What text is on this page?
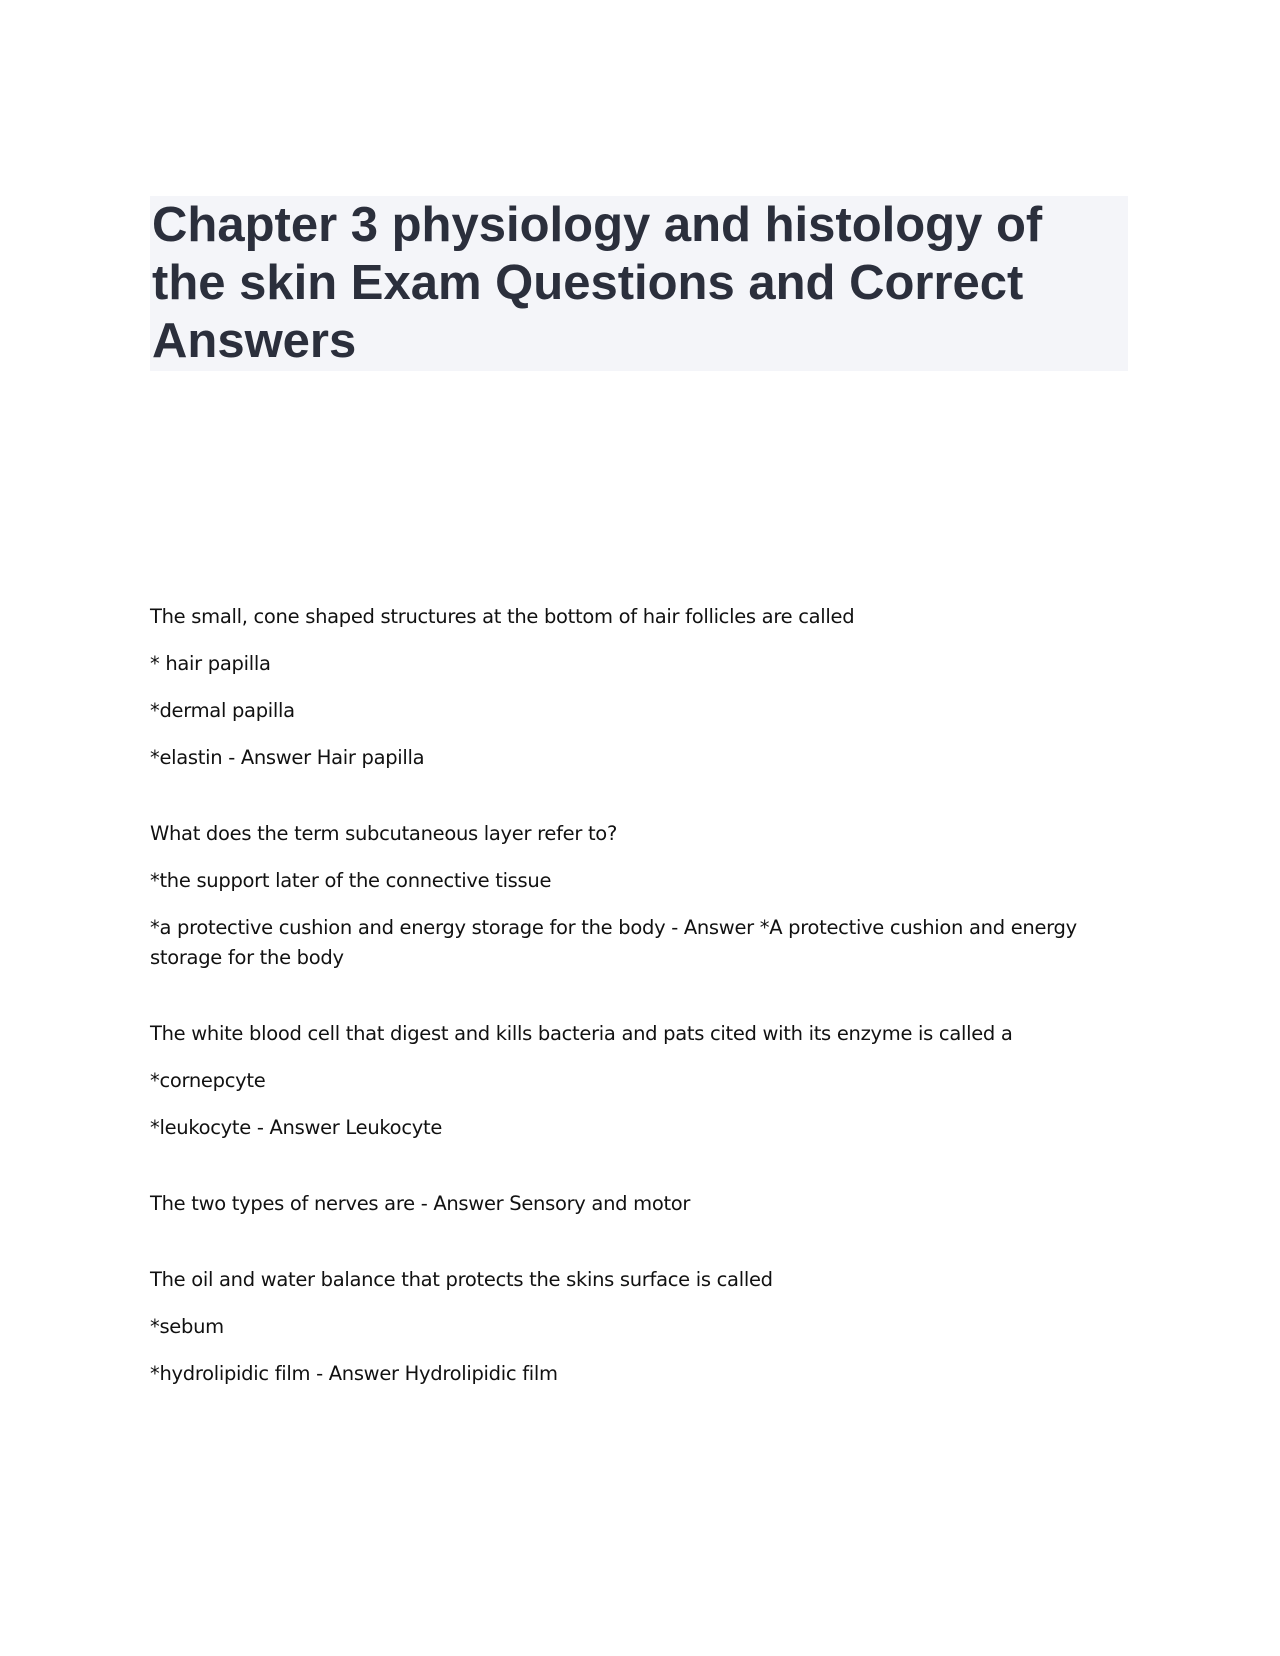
Chapter 3 physiology and histology of the skin Exam Questions and Correct Answers

The small, cone shaped structures at the bottom of hair follicles are called

* hair papilla

*dermal papilla

*elastin - Answer Hair papilla

What does the term subcutaneous layer refer to?

*the support later of the connective tissue

*a protective cushion and energy storage for the body - Answer *A protective cushion and energy storage for the body

The white blood cell that digest and kills bacteria and pats cited with its enzyme is called a

*cornepcyte

*leukocyte - Answer Leukocyte

The two types of nerves are - Answer Sensory and motor

The oil and water balance that protects the skins surface is called

*sebum

*hydrolipidic film - Answer Hydrolipidic film
